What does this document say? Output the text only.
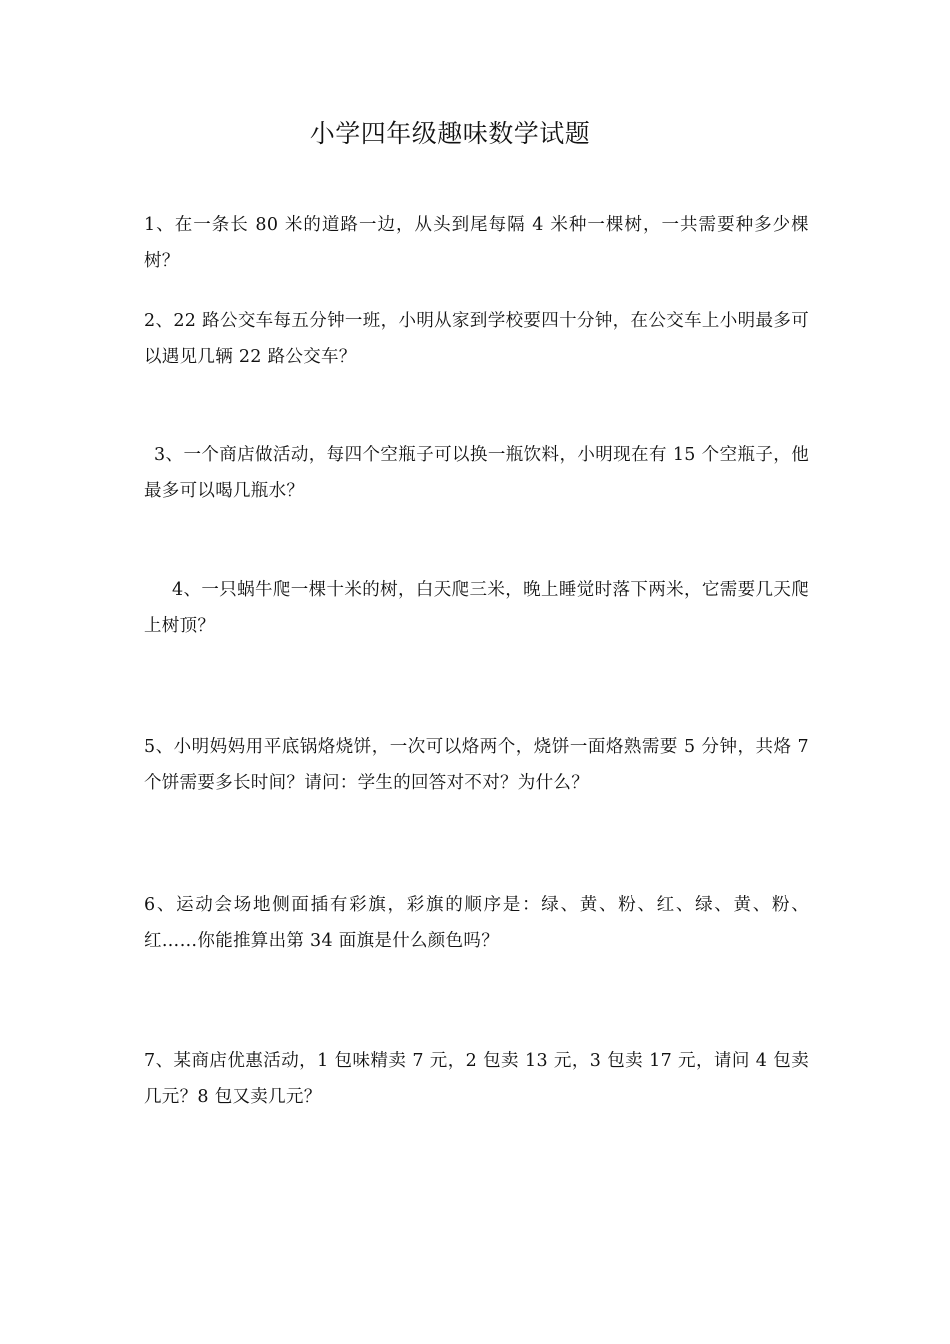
小学四年级趣味数学试题

1、在一条长 80 米的道路一边，从头到尾每隔 4 米种一棵树，一共需要种多少棵树？

2、22 路公交车每五分钟一班，小明从家到学校要四十分钟，在公交车上小明最多可以遇见几辆 22 路公交车？

3、一个商店做活动，每四个空瓶子可以换一瓶饮料，小明现在有 15 个空瓶子，他最多可以喝几瓶水？

4、一只蜗牛爬一棵十米的树，白天爬三米，晚上睡觉时落下两米，它需要几天爬上树顶？

5、小明妈妈用平底锅烙烧饼，一次可以烙两个，烧饼一面烙熟需要 5 分钟，共烙 7 个饼需要多长时间？请问：学生的回答对不对？为什么？

6、运动会场地侧面插有彩旗，彩旗的顺序是：绿、黄、粉、红、绿、黄、粉、红……你能推算出第 34 面旗是什么颜色吗？

7、某商店优惠活动，1 包味精卖 7 元，2 包卖 13 元，3 包卖 17 元，请问 4 包卖几元？8 包又卖几元？
